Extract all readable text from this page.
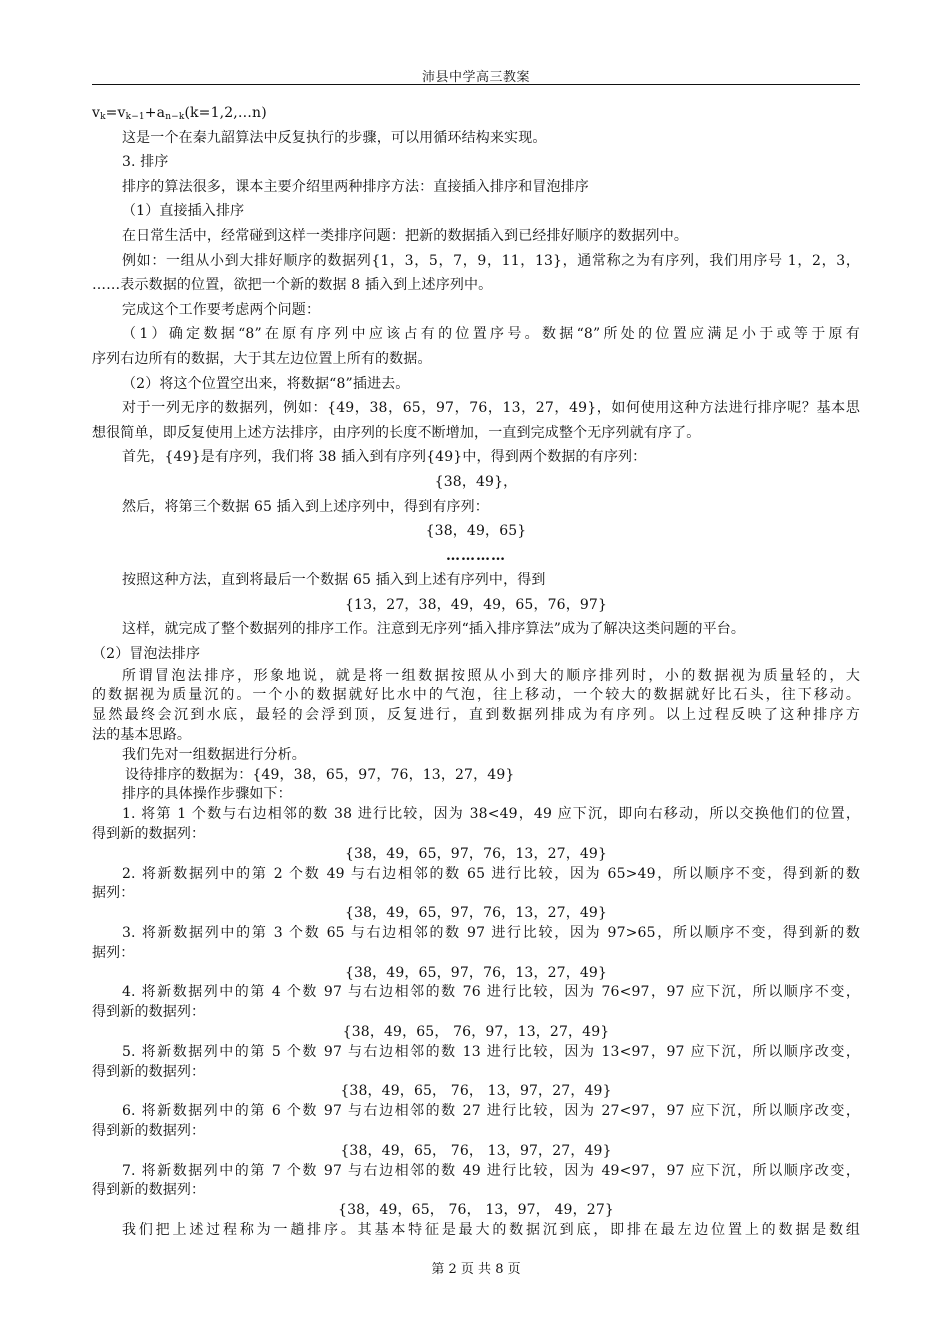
沛县中学高三教案
$v_k=v_{k-1}+a_{n-k}(k=1,2,\dots n)$
这是一个在秦九韶算法中反复执行的步骤，可以用循环结构来实现。
3. 排序
排序的算法很多，课本主要介绍里两种排序方法：直接插入排序和冒泡排序
（1）直接插入排序
在日常生活中，经常碰到这样一类排序问题：把新的数据插入到已经排好顺序的数据列中。
例如：一组从小到大排好顺序的数据列{1，3，5，7，9，11，13}，通常称之为有序列，我们用序号 1，2，3，
……表示数据的位置，欲把一个新的数据 8 插入到上述序列中。
完成这个工作要考虑两个问题：
（1）确定数据“8”在原有序列中应该占有的位置序号。数据“8”所处的位置应满足小于或等于原有
序列右边所有的数据，大于其左边位置上所有的数据。
（2）将这个位置空出来，将数据“8”插进去。
对于一列无序的数据列，例如：{49，38，65，97，76，13，27，49}，如何使用这种方法进行排序呢？基本思
想很简单，即反复使用上述方法排序，由序列的长度不断增加，一直到完成整个无序列就有序了。
首先，{49}是有序列，我们将 38 插入到有序列{49}中，得到两个数据的有序列：
{38，49}，
然后，将第三个数据 65 插入到上述序列中，得到有序列：
{38，49，65}
…………
按照这种方法，直到将最后一个数据 65 插入到上述有序列中，得到
{13，27，38，49，49，65，76，97}
这样，就完成了整个数据列的排序工作。注意到无序列“插入排序算法”成为了解决这类问题的平台。
（2）冒泡法排序
所谓冒泡法排序，形象地说，就是将一组数据按照从小到大的顺序排列时，小的数据视为质量轻的，大
的数据视为质量沉的。一个小的数据就好比水中的气泡，往上移动，一个较大的数据就好比石头，往下移动。
显然最终会沉到水底，最轻的会浮到顶，反复进行，直到数据列排成为有序列。以上过程反映了这种排序方
法的基本思路。
我们先对一组数据进行分析。
设待排序的数据为：{49，38，65，97，76，13，27，49}
排序的具体操作步骤如下：
1. 将第 1 个数与右边相邻的数 38 进行比较，因为 38<49，49 应下沉，即向右移动，所以交换他们的位置，
得到新的数据列：
{38，49，65，97，76，13，27，49}
2. 将新数据列中的第 2 个数 49 与右边相邻的数 65 进行比较，因为 65>49，所以顺序不变，得到新的数
据列：
{38，49，65，97，76，13，27，49}
3. 将新数据列中的第 3 个数 65 与右边相邻的数 97 进行比较，因为 97>65，所以顺序不变，得到新的数
据列：
{38，49，65，97，76，13，27，49}
4. 将新数据列中的第 4 个数 97 与右边相邻的数 76 进行比较，因为 76<97，97 应下沉，所以顺序不变，
得到新的数据列：
{38，49，65， 76，97，13，27，49}
5. 将新数据列中的第 5 个数 97 与右边相邻的数 13 进行比较，因为 13<97，97 应下沉，所以顺序改变，
得到新的数据列：
{38，49，65， 76， 13，97，27，49}
6. 将新数据列中的第 6 个数 97 与右边相邻的数 27 进行比较，因为 27<97，97 应下沉，所以顺序改变，
得到新的数据列：
{38，49，65， 76， 13，97，27，49}
7. 将新数据列中的第 7 个数 97 与右边相邻的数 49 进行比较，因为 49<97，97 应下沉，所以顺序改变，
得到新的数据列：
{38，49，65， 76， 13，97， 49，27}
我们把上述过程称为一趟排序。其基本特征是最大的数据沉到底，即排在最左边位置上的数据是数组
第 2 页 共 8 页
